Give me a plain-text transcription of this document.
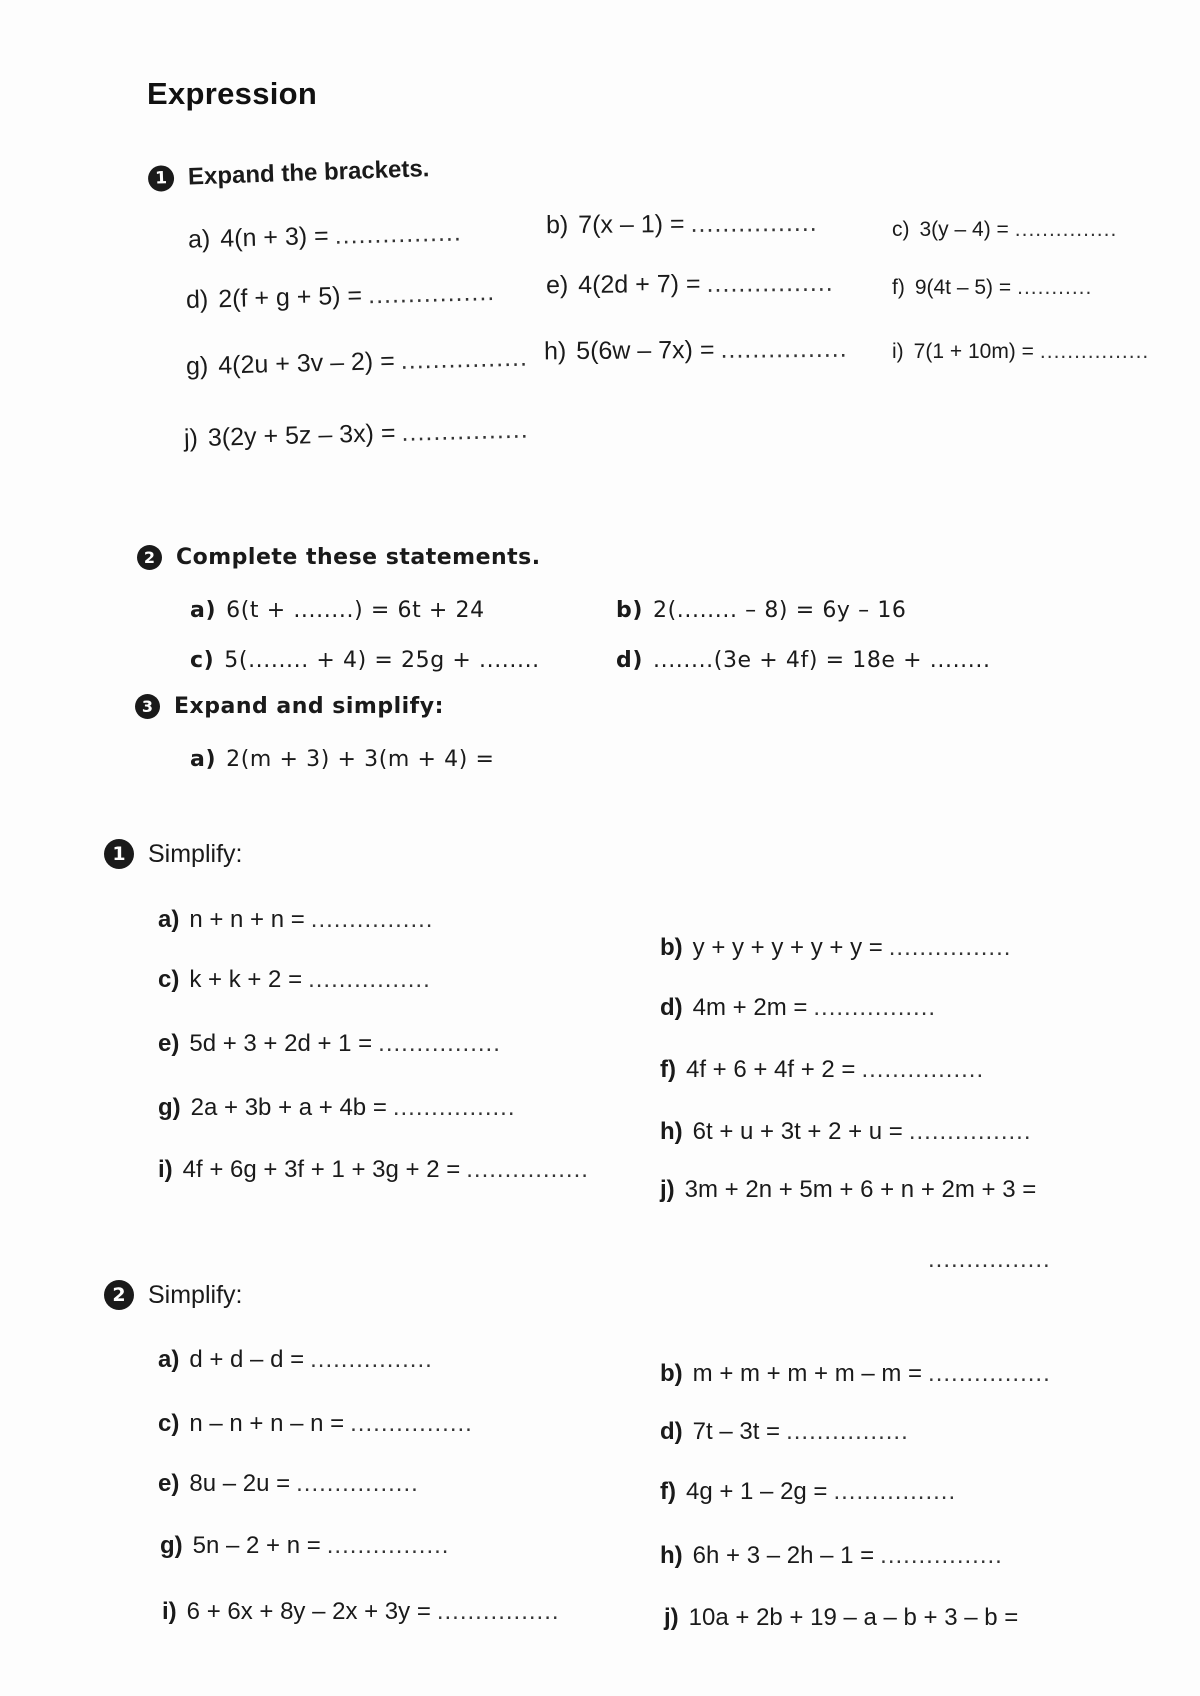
Expression
1 Expand the brackets.
a) 4(n + 3) = ................	b) 7(x – 1) = ................	c) 3(y – 4) = ...............
d) 2(f + g + 5) = ................ e) 4(2d + 7) = ................	f) 9(4t – 5) = ...........
g) 4(2u + 3v – 2) = ................ h) 5(6w – 7x) = ................ i) 7(1 + 10m) = ................
j) 3(2y + 5z – 3x) = ................
2 Complete these statements.
a) 6(t + ........) = 6t + 24	b) 2(........ – 8) = 6y – 16
c) 5(........ + 4) = 25g + ........	d) ........(3e + 4f) = 18e + ........
3 Expand and simplify:
a) 2(m + 3) + 3(m + 4) =
1 Simplify:
a) n + n + n = ................
b) y + y + y + y + y = ................
c) k + k + 2 = ................
d) 4m + 2m = ................
e) 5d + 3 + 2d + 1 = ................
f) 4f + 6 + 4f + 2 = ................
g) 2a + 3b + a + 4b = ................
h) 6t + u + 3t + 2 + u = ................
i) 4f + 6g + 3f + 1 + 3g + 2 = ................
j) 3m + 2n + 5m + 6 + n + 2m + 3 =
................
2 Simplify:
a) d + d – d = ................
b) m + m + m + m – m = ................
c) n – n + n – n = ................	d) 7t – 3t = ................
e) 8u – 2u = ................	f) 4g + 1 – 2g = ................
g) 5n – 2 + n = ................	h) 6h + 3 – 2h – 1 = ................
i) 6 + 6x + 8y – 2x + 3y = ................	j) 10a + 2b + 19 – a – b + 3 – b =
